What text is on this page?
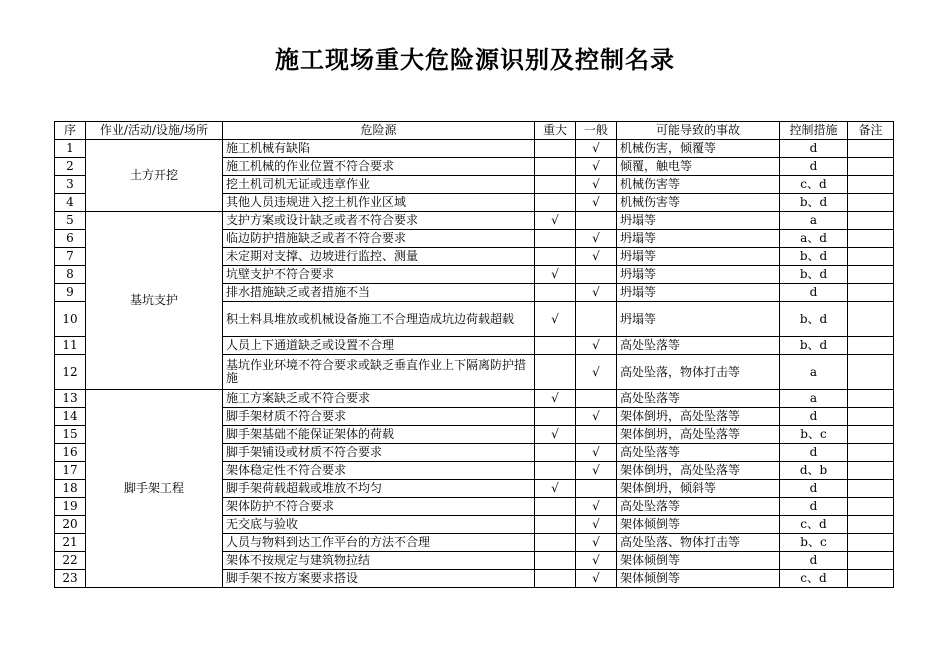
施工现场重大危险源识别及控制名录
序	作业/活动/设施/场所	危险源	重大	一般	可能导致的事故	控制措施	备注
1	土方开挖	施工机械有缺陷		√	机械伤害，倾覆等	d	
2		施工机械的作业位置不符合要求		√	倾覆，触电等	d	
3		挖土机司机无证或违章作业		√	机械伤害等	c、d	
4		其他人员违规进入挖土机作业区域		√	机械伤害等	b、d	
5	基坑支护	支护方案或设计缺乏或者不符合要求	√		坍塌等	a	
6		临边防护措施缺乏或者不符合要求		√	坍塌等	a、d	
7		未定期对支撑、边坡进行监控、测量		√	坍塌等	b、d	
8		坑壁支护不符合要求	√		坍塌等	b、d	
9		排水措施缺乏或者措施不当		√	坍塌等	d	
10		积土料具堆放或机械设备施工不合理造成坑边荷载超载	√		坍塌等	b、d	
11		人员上下通道缺乏或设置不合理		√	高处坠落等	b、d	
12		基坑作业环境不符合要求或缺乏垂直作业上下隔离防护措施		√	高处坠落，物体打击等	a	
13	脚手架工程	施工方案缺乏或不符合要求	√		高处坠落等	a	
14		脚手架材质不符合要求		√	架体倒坍，高处坠落等	d	
15		脚手架基础不能保证架体的荷载	√		架体倒坍，高处坠落等	b、c	
16		脚手架铺设或材质不符合要求		√	高处坠落等	d	
17		架体稳定性不符合要求		√	架体倒坍，高处坠落等	d、b	
18		脚手架荷载超载或堆放不均匀	√		架体倒坍，倾斜等	d	
19		架体防护不符合要求		√	高处坠落等	d	
20		无交底与验收		√	架体倾倒等	c、d	
21		人员与物料到达工作平台的方法不合理		√	高处坠落、物体打击等	b、c	
22		架体不按规定与建筑物拉结		√	架体倾倒等	d	
23		脚手架不按方案要求搭设		√	架体倾倒等	c、d	
